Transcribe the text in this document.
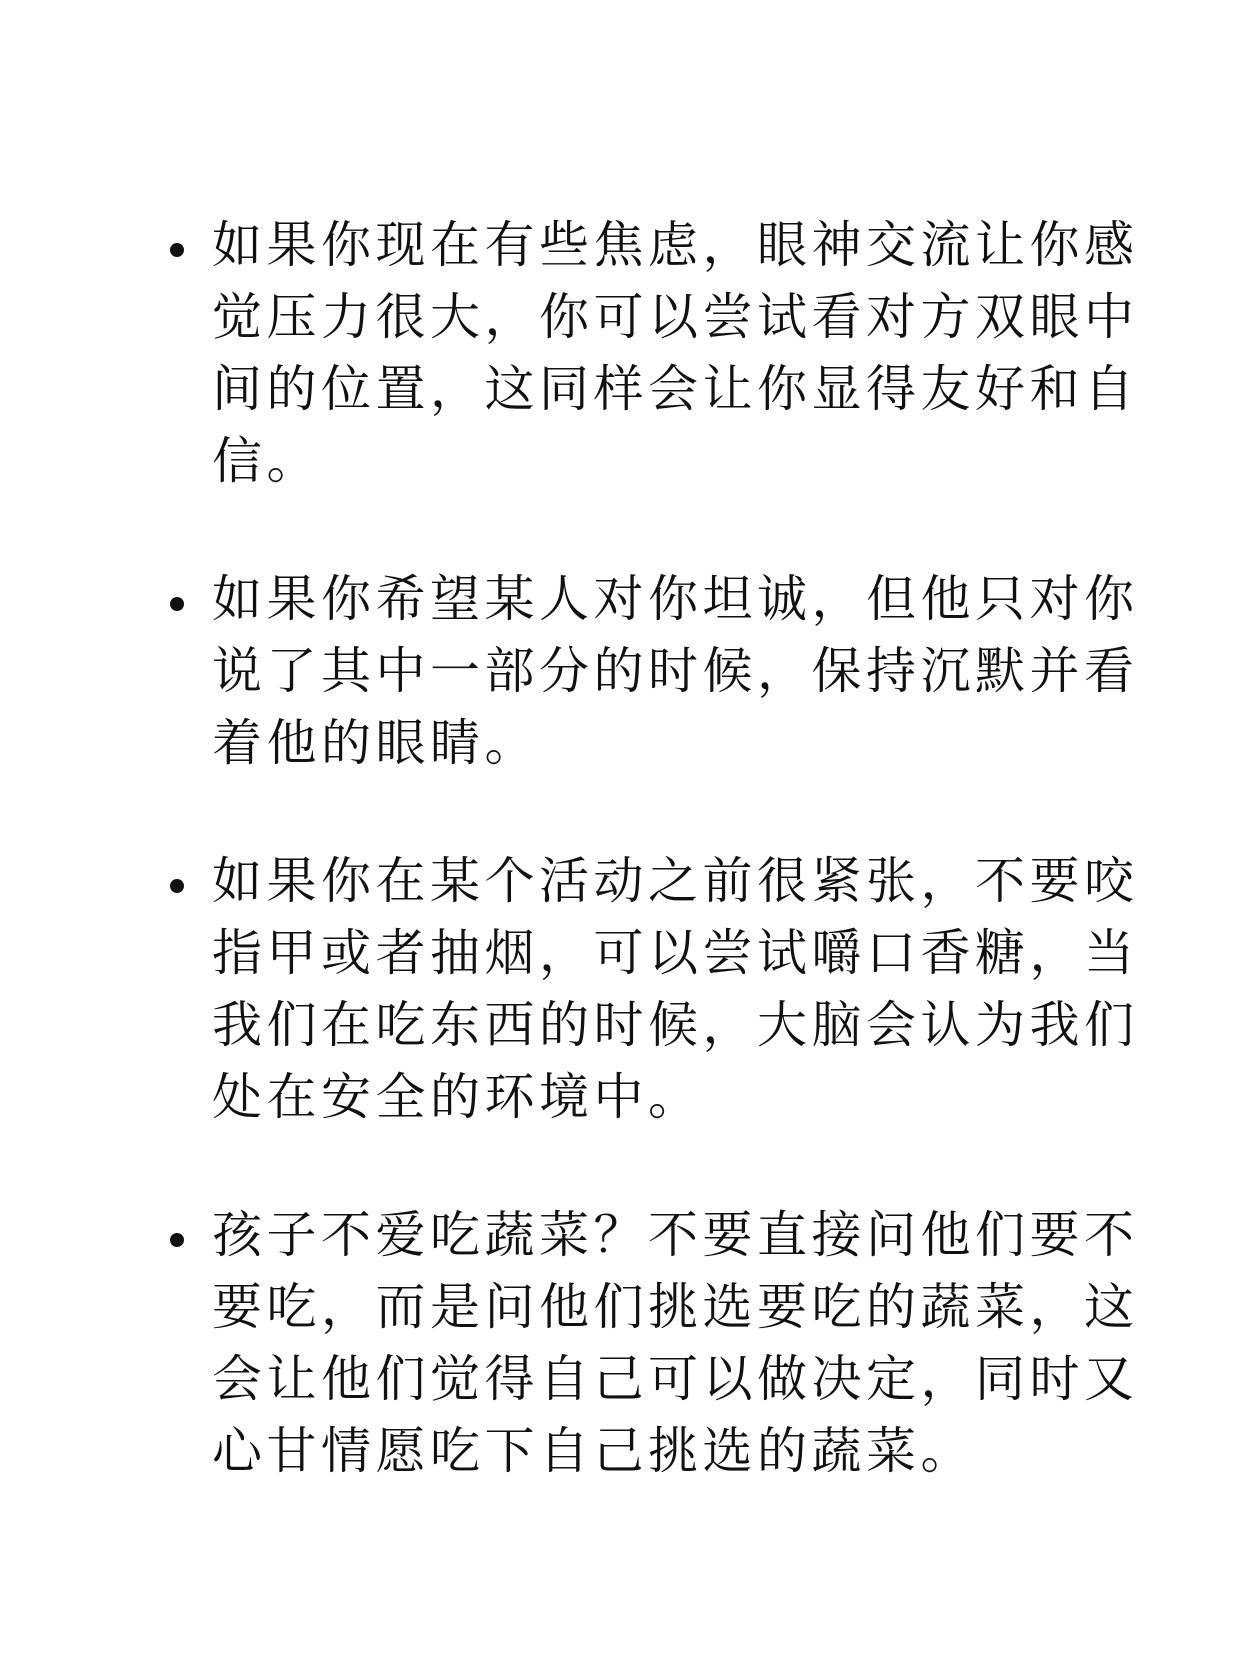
如果你现在有些焦虑，眼神交流让你感
觉压力很大，你可以尝试看对方双眼中
间的位置，这同样会让你显得友好和自
信。
如果你希望某人对你坦诚，但他只对你
说了其中一部分的时候，保持沉默并看
着他的眼睛。
如果你在某个活动之前很紧张，不要咬
指甲或者抽烟，可以尝试嚼口香糖，当
我们在吃东西的时候，大脑会认为我们
处在安全的环境中。
孩子不爱吃蔬菜？不要直接问他们要不
要吃，而是问他们挑选要吃的蔬菜，这
会让他们觉得自己可以做决定，同时又
心甘情愿吃下自己挑选的蔬菜。
